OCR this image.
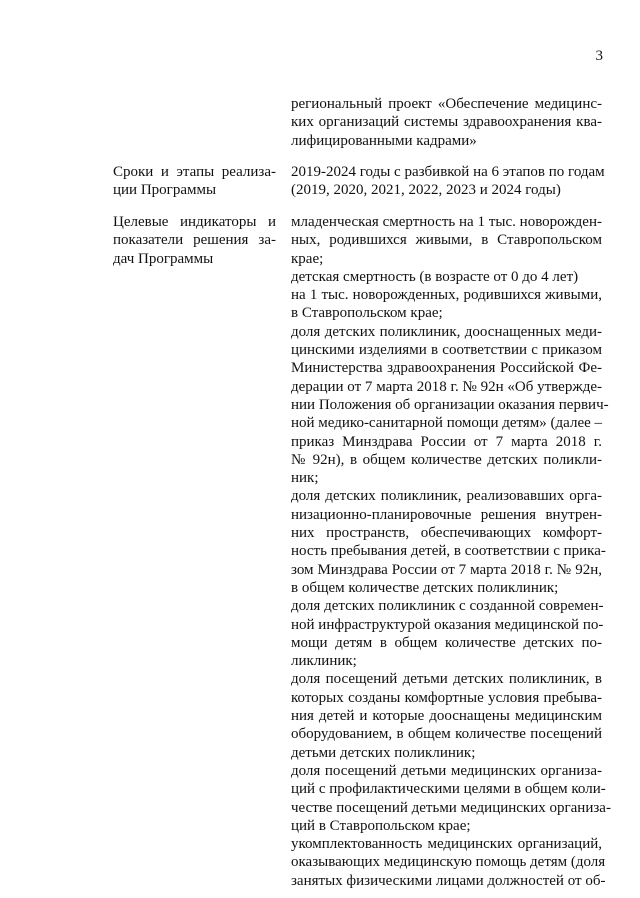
3
региональный проект «Обеспечение медицинс-
ких организаций системы здравоохранения ква-
лифицированными кадрами»
Сроки и этапы реализа-
ции Программы
2019-2024 годы с разбивкой на 6 этапов по годам
(2019, 2020, 2021, 2022, 2023 и 2024 годы)
Целевые индикаторы и
показатели решения за-
дач Программы
младенческая смертность на 1 тыс. новорожден-
ных, родившихся живыми, в Ставропольском
крае;
детская смертность (в возрасте от 0 до 4 лет)
на 1 тыс. новорожденных, родившихся живыми,
в Ставропольском крае;
доля детских поликлиник, дооснащенных меди-
цинскими изделиями в соответствии с приказом
Министерства здравоохранения Российской Фе-
дерации от 7 марта 2018 г. № 92н «Об утвержде-
нии Положения об организации оказания первич-
ной медико-санитарной помощи детям» (далее –
приказ Минздрава России от 7 марта 2018 г.
№ 92н), в общем количестве детских поликли-
ник;
доля детских поликлиник, реализовавших орга-
низационно-планировочные решения внутрен-
них пространств, обеспечивающих комфорт-
ность пребывания детей, в соответствии с прика-
зом Минздрава России от 7 марта 2018 г. № 92н,
в общем количестве детских поликлиник;
доля детских поликлиник с созданной современ-
ной инфраструктурой оказания медицинской по-
мощи детям в общем количестве детских по-
ликлиник;
доля посещений детьми детских поликлиник, в
которых созданы комфортные условия пребыва-
ния детей и которые дооснащены медицинским
оборудованием, в общем количестве посещений
детьми детских поликлиник;
доля посещений детьми медицинских организа-
ций с профилактическими целями в общем коли-
честве посещений детьми медицинских организа-
ций в Ставропольском крае;
укомплектованность медицинских организаций,
оказывающих медицинскую помощь детям (доля
занятых физическими лицами должностей от об-
